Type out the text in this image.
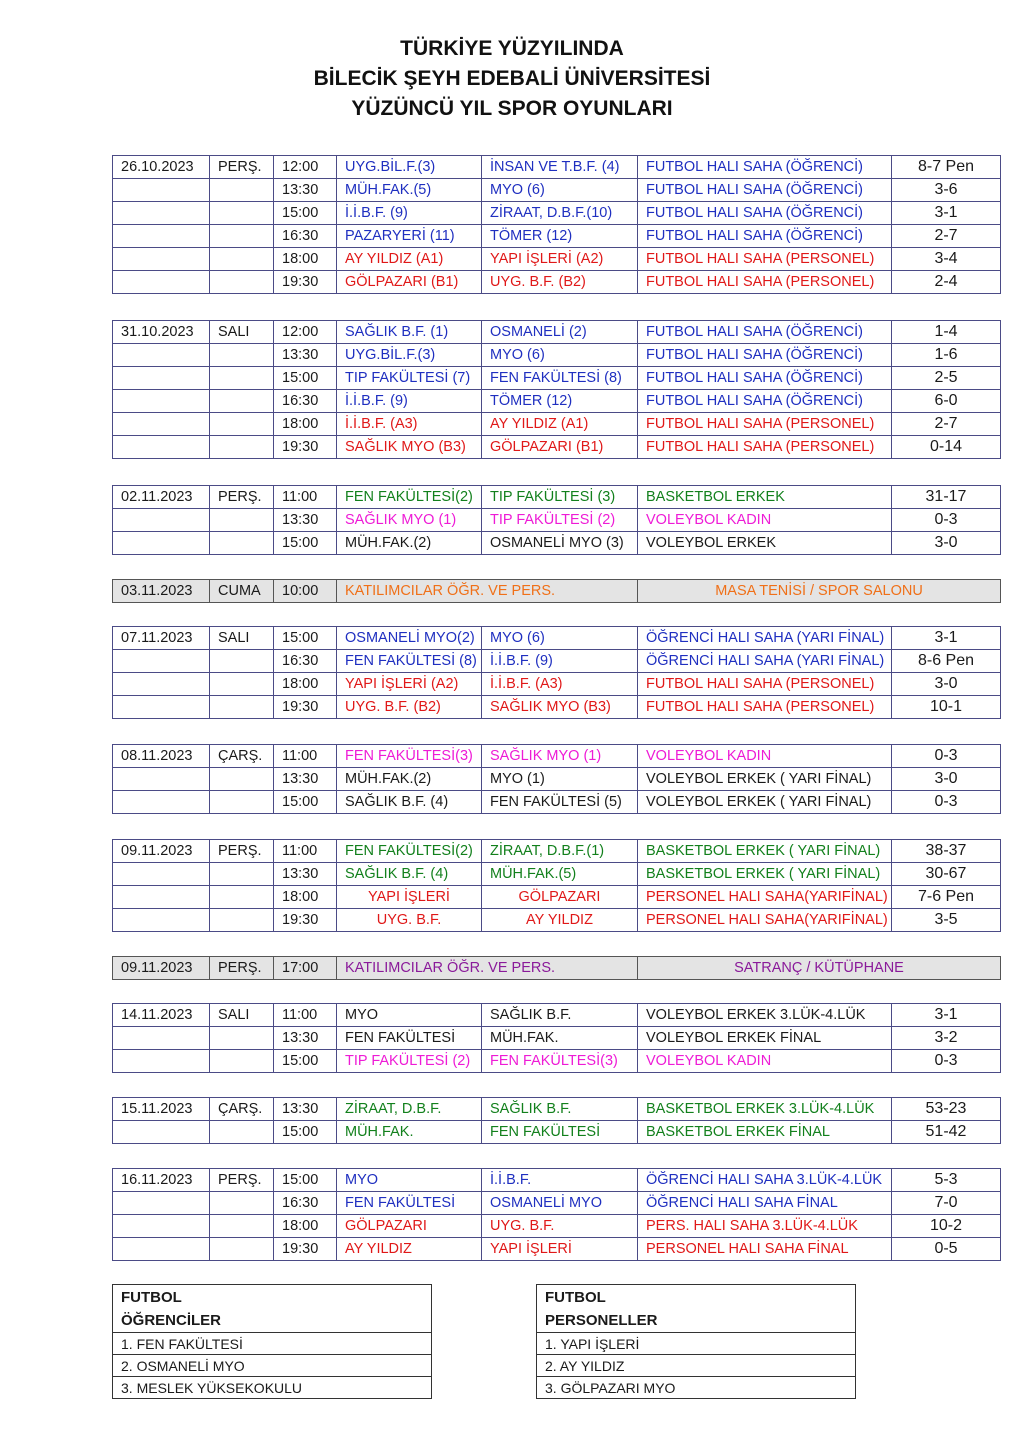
TÜRKİYE YÜZYILINDA
BİLECİK ŞEYH EDEBALİ ÜNİVERSİTESİ
YÜZÜNCÜ YIL SPOR OYUNLARI
26.10.2023	PERŞ.	12:00	UYG.BİL.F.(3)	İNSAN VE T.B.F. (4)	FUTBOL HALI SAHA (ÖĞRENCİ)	8-7 Pen
		13:30	MÜH.FAK.(5)	MYO (6)	FUTBOL HALI SAHA (ÖĞRENCİ)	3-6
		15:00	İ.İ.B.F. (9)	ZİRAAT, D.B.F.(10)	FUTBOL HALI SAHA (ÖĞRENCİ)	3-1
		16:30	PAZARYERİ (11)	TÖMER (12)	FUTBOL HALI SAHA (ÖĞRENCİ)	2-7
		18:00	AY YILDIZ (A1)	YAPI İŞLERİ (A2)	FUTBOL HALI SAHA (PERSONEL)	3-4
		19:30	GÖLPAZARI (B1)	UYG. B.F. (B2)	FUTBOL HALI SAHA (PERSONEL)	2-4
31.10.2023	SALI	12:00	SAĞLIK B.F. (1)	OSMANELİ (2)	FUTBOL HALI SAHA (ÖĞRENCİ)	1-4
		13:30	UYG.BİL.F.(3)	MYO (6)	FUTBOL HALI SAHA (ÖĞRENCİ)	1-6
		15:00	TIP FAKÜLTESİ (7)	FEN FAKÜLTESİ (8)	FUTBOL HALI SAHA (ÖĞRENCİ)	2-5
		16:30	İ.İ.B.F. (9)	TÖMER (12)	FUTBOL HALI SAHA (ÖĞRENCİ)	6-0
		18:00	İ.İ.B.F. (A3)	AY YILDIZ (A1)	FUTBOL HALI SAHA (PERSONEL)	2-7
		19:30	SAĞLIK MYO (B3)	GÖLPAZARI (B1)	FUTBOL HALI SAHA (PERSONEL)	0-14
02.11.2023	PERŞ.	11:00	FEN FAKÜLTESİ(2)	TIP FAKÜLTESİ (3)	BASKETBOL ERKEK	31-17
		13:30	SAĞLIK MYO (1)	TIP FAKÜLTESİ (2)	VOLEYBOL KADIN	0-3
		15:00	MÜH.FAK.(2)	OSMANELİ MYO (3)	VOLEYBOL ERKEK	3-0
07.11.2023	SALI	15:00	OSMANELİ MYO(2)	MYO (6)	ÖĞRENCİ HALI SAHA (YARI FİNAL)	3-1
		16:30	FEN FAKÜLTESİ (8)	İ.İ.B.F. (9)	ÖĞRENCİ HALI SAHA (YARI FİNAL)	8-6 Pen
		18:00	YAPI İŞLERİ (A2)	İ.İ.B.F. (A3)	FUTBOL HALI SAHA (PERSONEL)	3-0
		19:30	UYG. B.F. (B2)	SAĞLIK MYO (B3)	FUTBOL HALI SAHA (PERSONEL)	10-1
08.11.2023	ÇARŞ.	11:00	FEN FAKÜLTESİ(3)	SAĞLIK MYO (1)	VOLEYBOL KADIN	0-3
		13:30	MÜH.FAK.(2)	MYO (1)	VOLEYBOL ERKEK ( YARI FİNAL)	3-0
		15:00	SAĞLIK B.F. (4)	FEN FAKÜLTESİ (5)	VOLEYBOL ERKEK ( YARI FİNAL)	0-3
09.11.2023	PERŞ.	11:00	FEN FAKÜLTESİ(2)	ZİRAAT, D.B.F.(1)	BASKETBOL ERKEK ( YARI FİNAL)	38-37
		13:30	SAĞLIK B.F. (4)	MÜH.FAK.(5)	BASKETBOL ERKEK ( YARI FİNAL)	30-67
		18:00	YAPI İŞLERİ	GÖLPAZARI	PERSONEL HALI SAHA(YARIFİNAL)	7-6 Pen
		19:30	UYG. B.F.	AY YILDIZ	PERSONEL HALI SAHA(YARIFİNAL)	3-5
14.11.2023	SALI	11:00	MYO	SAĞLIK B.F.	VOLEYBOL ERKEK 3.LÜK-4.LÜK	3-1
		13:30	FEN FAKÜLTESİ	MÜH.FAK.	VOLEYBOL ERKEK FİNAL	3-2
		15:00	TIP FAKÜLTESİ (2)	FEN FAKÜLTESİ(3)	VOLEYBOL KADIN	0-3
15.11.2023	ÇARŞ.	13:30	ZİRAAT, D.B.F.	SAĞLIK B.F.	BASKETBOL ERKEK 3.LÜK-4.LÜK	53-23
		15:00	MÜH.FAK.	FEN FAKÜLTESİ	BASKETBOL ERKEK FİNAL	51-42
16.11.2023	PERŞ.	15:00	MYO	İ.İ.B.F.	ÖĞRENCİ HALI SAHA 3.LÜK-4.LÜK	5-3
		16:30	FEN FAKÜLTESİ	OSMANELİ MYO	ÖĞRENCİ HALI SAHA FİNAL	7-0
		18:00	GÖLPAZARI	UYG. B.F.	PERS. HALI SAHA 3.LÜK-4.LÜK	10-2
		19:30	AY YILDIZ	YAPI İŞLERİ	PERSONEL HALI SAHA FİNAL	0-5
03.11.2023	CUMA	10:00	KATILIMCILAR ÖĞR. VE PERS.	MASA TENİSİ / SPOR SALONU
09.11.2023	PERŞ.	17:00	KATILIMCILAR ÖĞR. VE PERS.	SATRANÇ / KÜTÜPHANE
FUTBOL
ÖĞRENCİLER
1. FEN FAKÜLTESİ
2. OSMANELİ MYO
3. MESLEK YÜKSEKOKULU
FUTBOL
PERSONELLER
1. YAPI İŞLERİ
2. AY YILDIZ
3. GÖLPAZARI MYO
